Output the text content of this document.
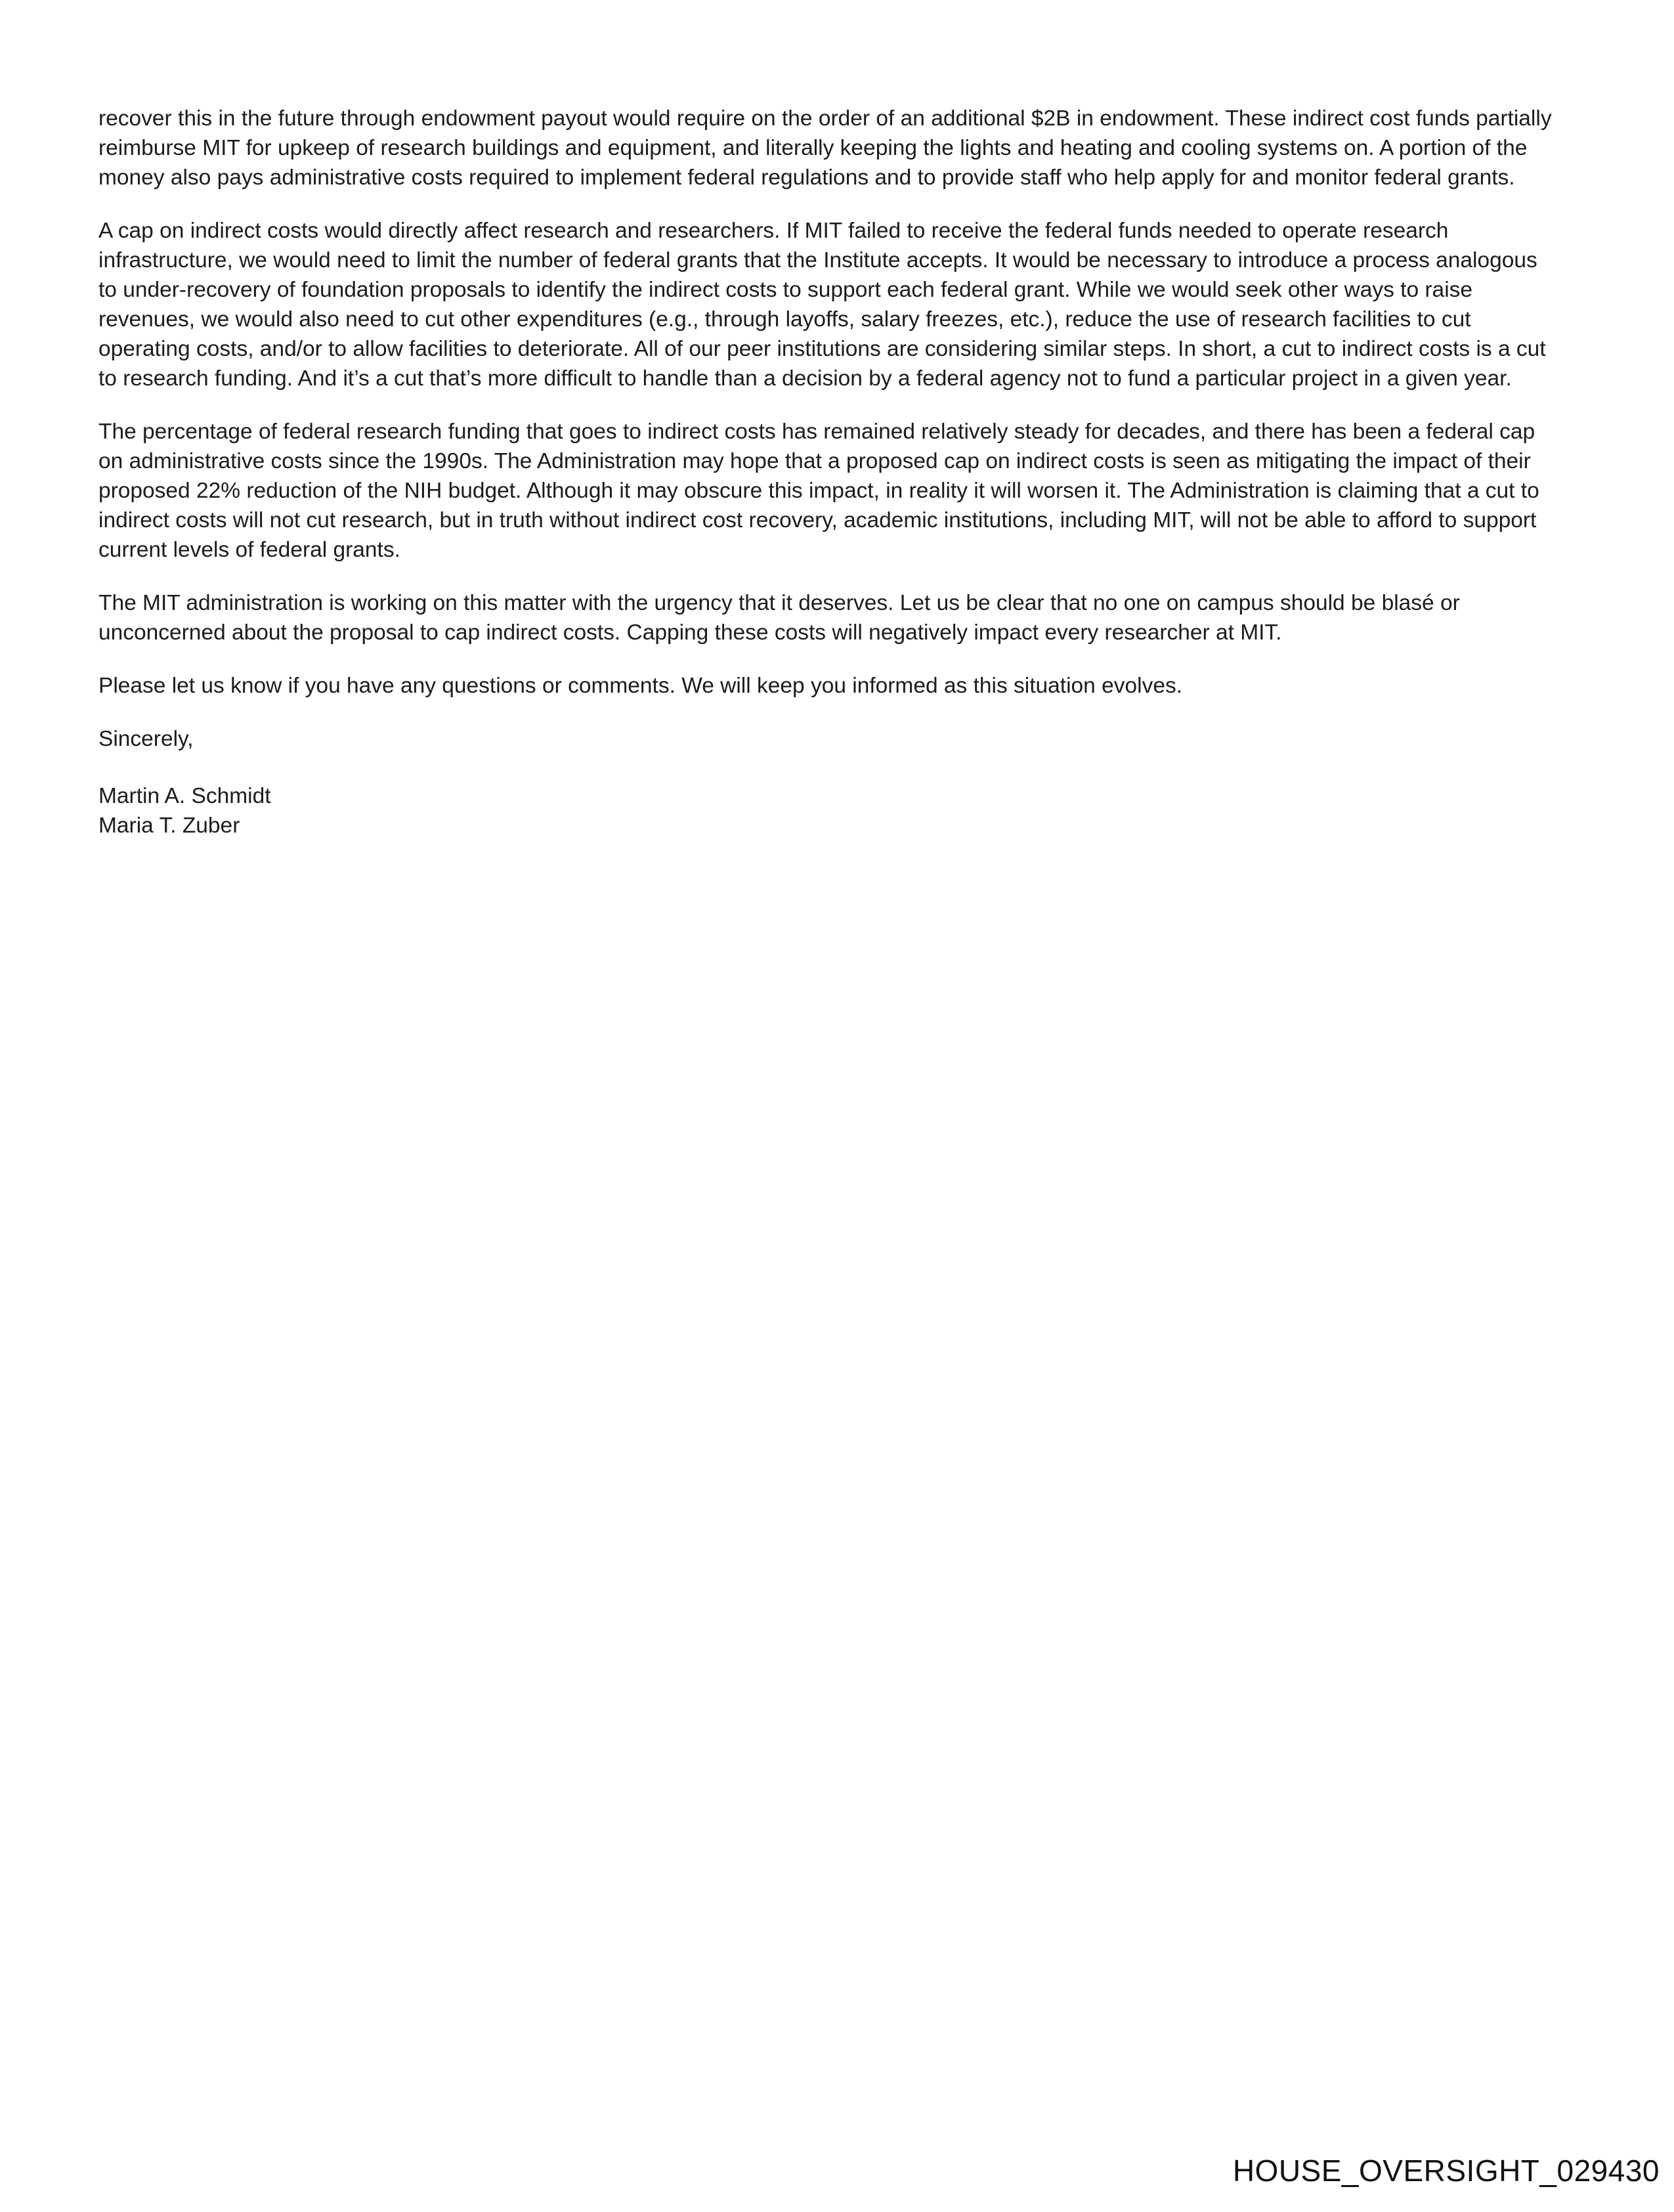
recover this in the future through endowment payout would require on the order of an additional $2B in endowment. These indirect cost funds partially reimburse MIT for upkeep of research buildings and equipment, and literally keeping the lights and heating and cooling systems on. A portion of the money also pays administrative costs required to implement federal regulations and to provide staff who help apply for and monitor federal grants.

A cap on indirect costs would directly affect research and researchers. If MIT failed to receive the federal funds needed to operate research infrastructure, we would need to limit the number of federal grants that the Institute accepts. It would be necessary to introduce a process analogous to under-recovery of foundation proposals to identify the indirect costs to support each federal grant. While we would seek other ways to raise revenues, we would also need to cut other expenditures (e.g., through layoffs, salary freezes, etc.), reduce the use of research facilities to cut operating costs, and/or to allow facilities to deteriorate. All of our peer institutions are considering similar steps. In short, a cut to indirect costs is a cut to research funding. And it’s a cut that’s more difficult to handle than a decision by a federal agency not to fund a particular project in a given year.

The percentage of federal research funding that goes to indirect costs has remained relatively steady for decades, and there has been a federal cap on administrative costs since the 1990s. The Administration may hope that a proposed cap on indirect costs is seen as mitigating the impact of their proposed 22% reduction of the NIH budget. Although it may obscure this impact, in reality it will worsen it. The Administration is claiming that a cut to indirect costs will not cut research, but in truth without indirect cost recovery, academic institutions, including MIT, will not be able to afford to support current levels of federal grants.

The MIT administration is working on this matter with the urgency that it deserves. Let us be clear that no one on campus should be blasé or unconcerned about the proposal to cap indirect costs. Capping these costs will negatively impact every researcher at MIT.

Please let us know if you have any questions or comments. We will keep you informed as this situation evolves.

Sincerely,

Martin A. Schmidt

Maria T. Zuber

HOUSE_OVERSIGHT_029430
